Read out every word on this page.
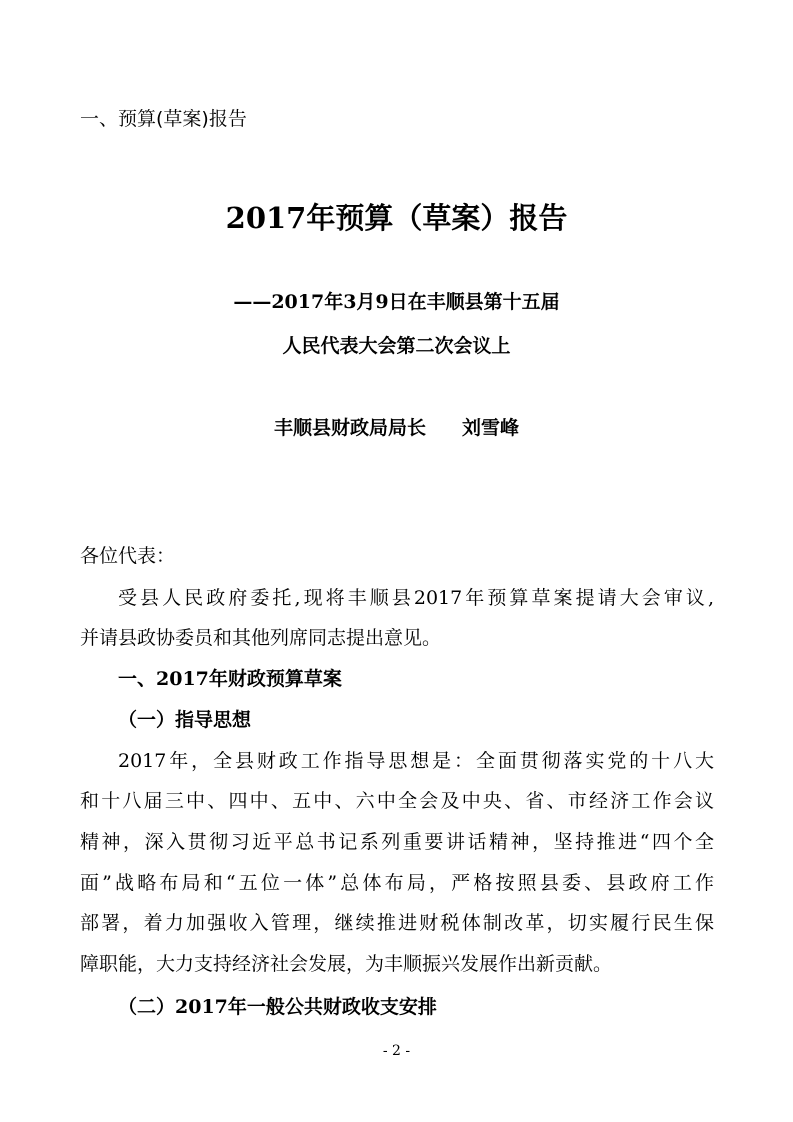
一、预算(草案)报告
2017年预算（草案）报告
——2017年3月9日在丰顺县第十五届
人民代表大会第二次会议上
丰顺县财政局局长 刘雪峰
各位代表：
受县人民政府委托,现将丰顺县2017年预算草案提请大会审议,
并请县政协委员和其他列席同志提出意见。
一、2017年财政预算草案
（一）指导思想
2017年，全县财政工作指导思想是：全面贯彻落实党的十八大
和十八届三中、四中、五中、六中全会及中央、省、市经济工作会议
精神，深入贯彻习近平总书记系列重要讲话精神，坚持推进“四个全
面”战略布局和“五位一体”总体布局，严格按照县委、县政府工作
部署，着力加强收入管理，继续推进财税体制改革，切实履行民生保
障职能，大力支持经济社会发展，为丰顺振兴发展作出新贡献。
（二）2017年一般公共财政收支安排
- 2 -
